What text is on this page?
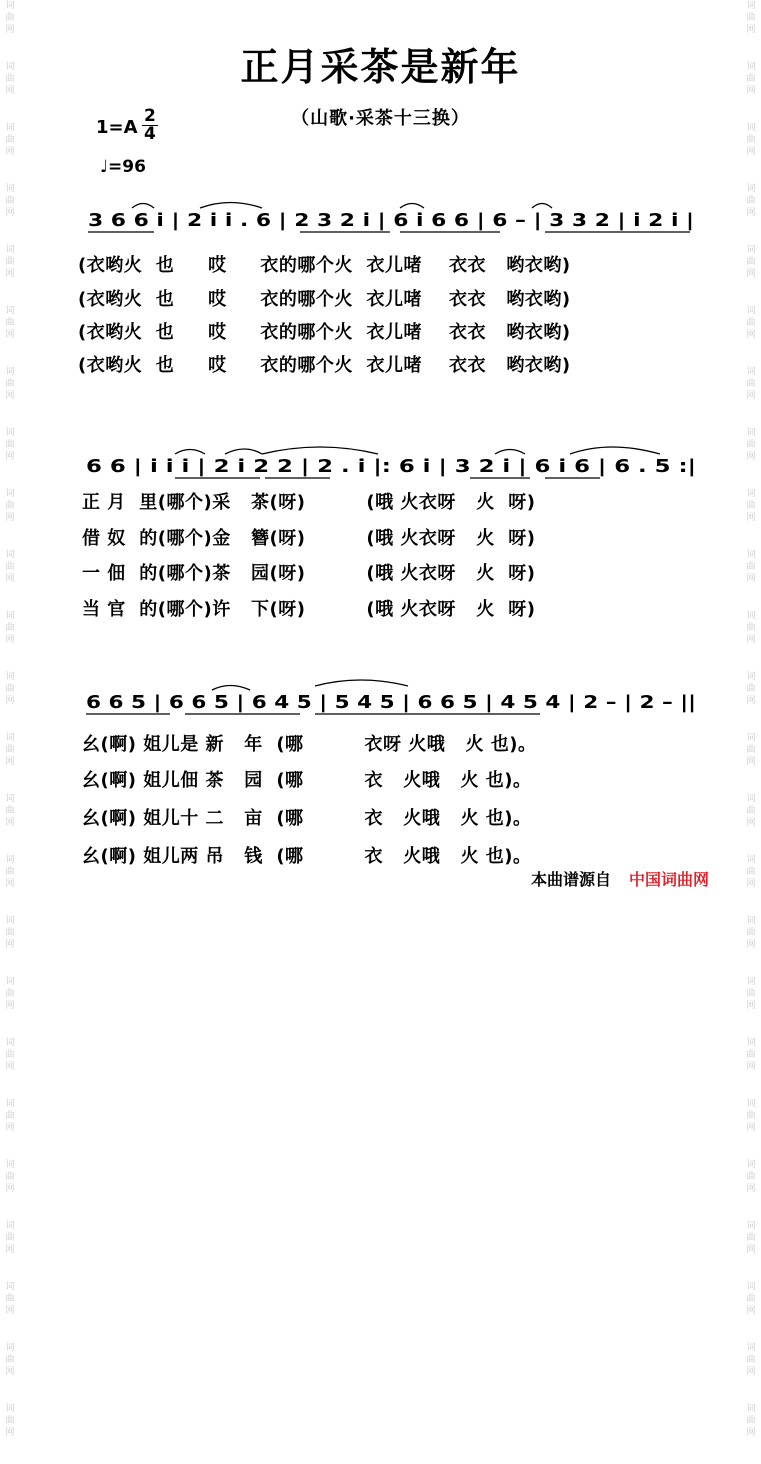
词
曲
网
词
曲
网
词
曲
网
词
曲
网
词
曲
网
词
曲
网
词
曲
网
词
曲
网
词
曲
网
词
曲
网
词
曲
网
词
曲
网
词
曲
网
词
曲
网
词
曲
网
词
曲
网
词
曲
网
词
曲
网
词
曲
网
词
曲
网
词
曲
网
词
曲
网
词
曲
网
词
曲
网
词
曲
网
词
曲
网
词
曲
网
词
曲
网
词
曲
网
词
曲
网
词
曲
网
词
曲
网
词
曲
网
词
曲
网
词
曲
网
词
曲
网
词
曲
网
词
曲
网
词
曲
网
词
曲
网
词
曲
网
词
曲
网
词
曲
网
词
曲
网
词
曲
网
词
曲
网
词
曲
网
词
曲
网
正月采茶是新年
（山歌·采茶十三换）
1=A
2
4
♩=96
3 6 6 i | 2 i i . 6 | 2 3 2 i | 6 i 6 6 | 6 – | 3 3 2 | i 2 i |
(衣哟火  也     哎     衣的哪个火  衣儿啫    衣衣   哟衣哟)
(衣哟火  也     哎     衣的哪个火  衣儿啫    衣衣   哟衣哟)
(衣哟火  也     哎     衣的哪个火  衣儿啫    衣衣   哟衣哟)
(衣哟火  也     哎     衣的哪个火  衣儿啫    衣衣   哟衣哟)
6 6 | i i i | 2 i 2 2 | 2 . i |: 6 i | 3 2 i | 6 i 6 | 6 . 5 :|
正 月  里(哪个)采   茶(呀)         (哦 火衣呀   火  呀)
借 奴  的(哪个)金   簪(呀)         (哦 火衣呀   火  呀)
一 佃  的(哪个)茶   园(呀)         (哦 火衣呀   火  呀)
当 官  的(哪个)许   下(呀)         (哦 火衣呀   火  呀)
6 6 5 | 6 6 5 | 6 4 5 | 5 4 5 | 6 6 5 | 4 5 4 | 2 – | 2 – ||
幺(啊) 姐儿是 新   年  (哪         衣呀 火哦   火 也)。
幺(啊) 姐儿佃 茶   园  (哪         衣   火哦   火 也)。
幺(啊) 姐儿十 二   亩  (哪         衣   火哦   火 也)。
幺(啊) 姐儿两 吊   钱  (哪         衣   火哦   火 也)。
本曲谱源自 中国词曲网
